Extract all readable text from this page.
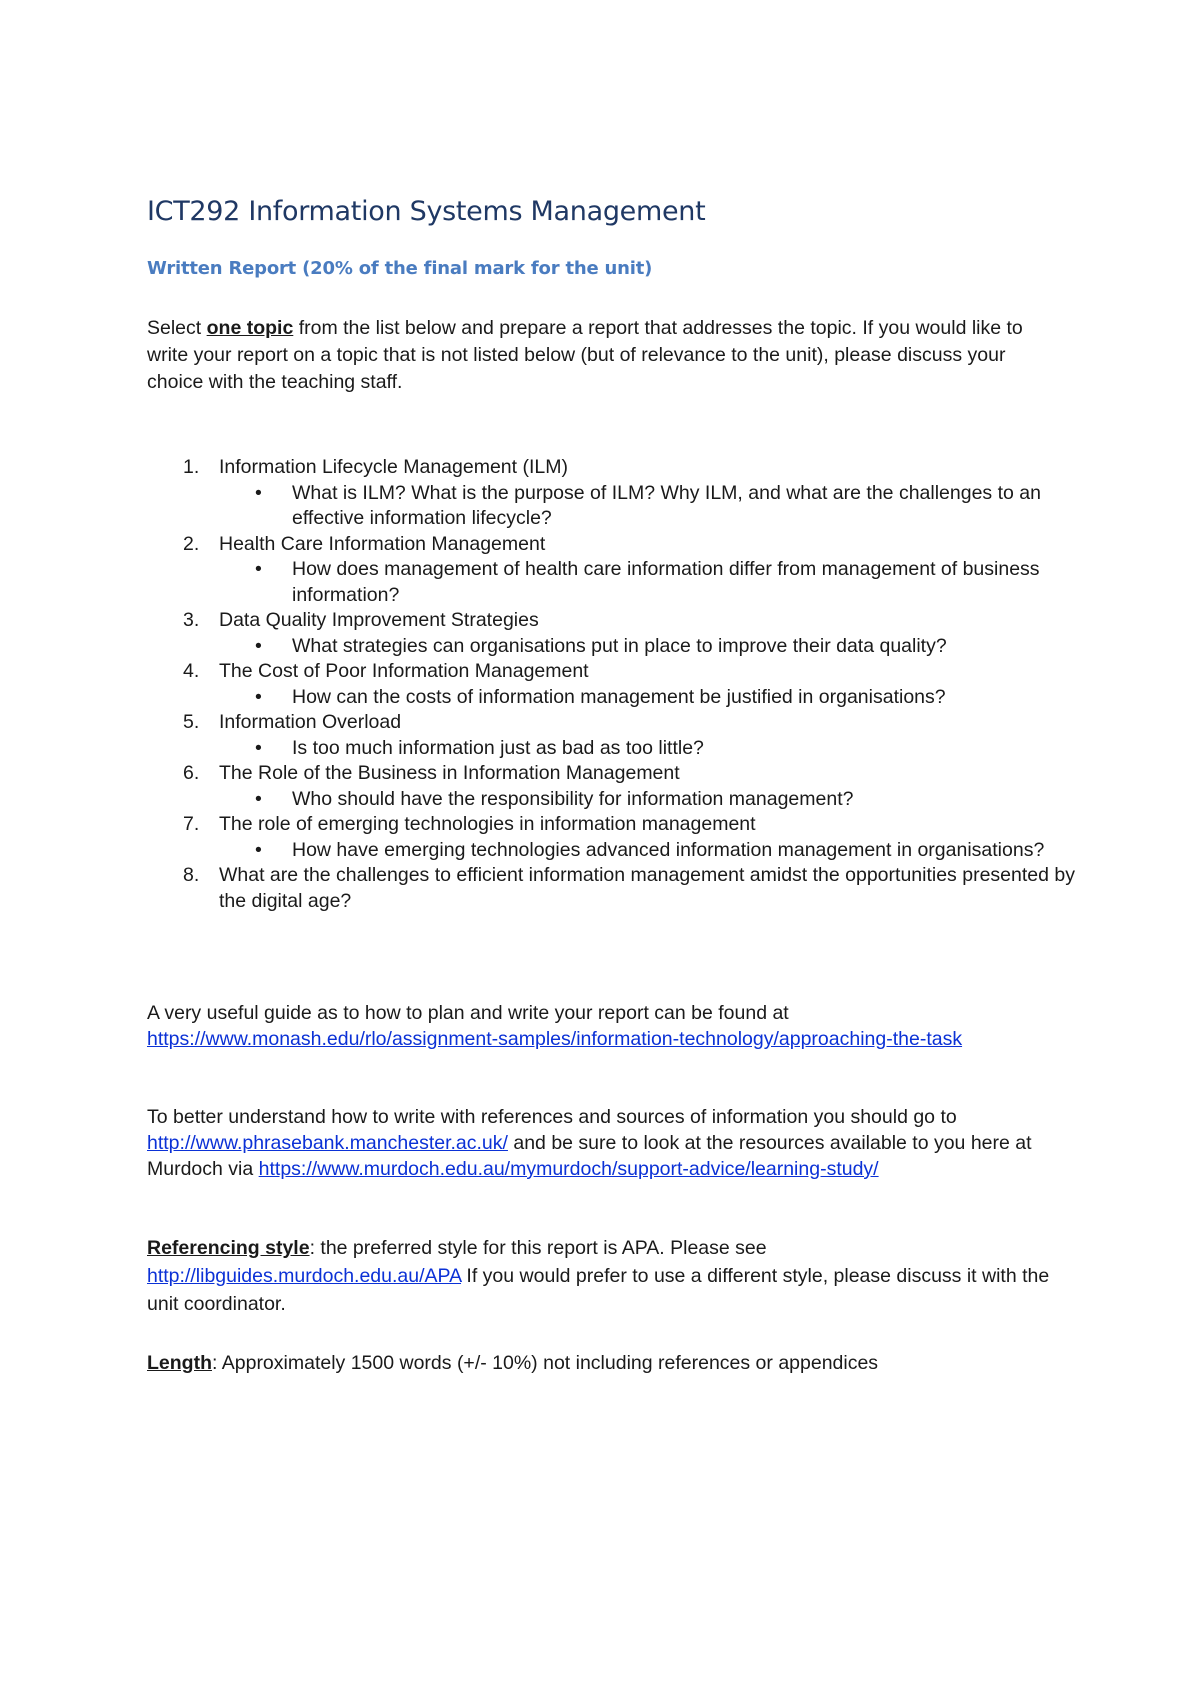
ICT292 Information Systems Management
Written Report (20% of the final mark for the unit)

Select one topic from the list below and prepare a report that addresses the topic. If you would like to write your report on a topic that is not listed below (but of relevance to the unit), please discuss your choice with the teaching staff.

1. Information Lifecycle Management (ILM)
• What is ILM? What is the purpose of ILM? Why ILM, and what are the challenges to an effective information lifecycle?
2. Health Care Information Management
• How does management of health care information differ from management of business information?
3. Data Quality Improvement Strategies
• What strategies can organisations put in place to improve their data quality?
4. The Cost of Poor Information Management
• How can the costs of information management be justified in organisations?
5. Information Overload
• Is too much information just as bad as too little?
6. The Role of the Business in Information Management
• Who should have the responsibility for information management?
7. The role of emerging technologies in information management
• How have emerging technologies advanced information management in organisations?
8. What are the challenges to efficient information management amidst the opportunities presented by the digital age?

A very useful guide as to how to plan and write your report can be found at
https://www.monash.edu/rlo/assignment-samples/information-technology/approaching-the-task

To better understand how to write with references and sources of information you should go to http://www.phrasebank.manchester.ac.uk/ and be sure to look at the resources available to you here at Murdoch via https://www.murdoch.edu.au/mymurdoch/support-advice/learning-study/

Referencing style: the preferred style for this report is APA. Please see http://libguides.murdoch.edu.au/APA If you would prefer to use a different style, please discuss it with the unit coordinator.

Length: Approximately 1500 words (+/- 10%) not including references or appendices
